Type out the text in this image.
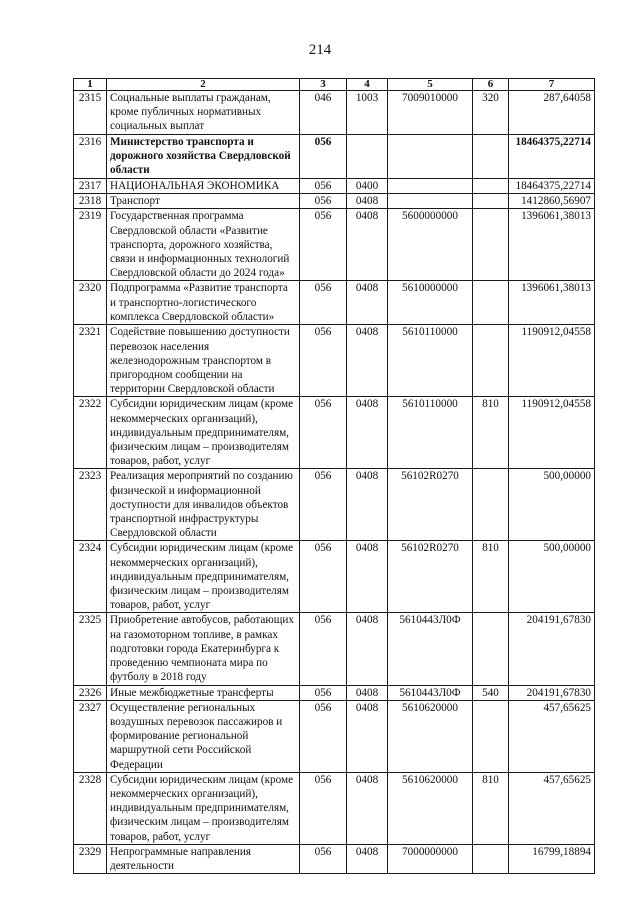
214
1	2	3	4	5	6	7
2315	Социальные выплаты гражданам, кроме публичных нормативных социальных выплат	046	1003	7009010000	320	287,64058
2316	Министерство транспорта и дорожного хозяйства Свердловской области	056				18464375,22714
2317	НАЦИОНАЛЬНАЯ ЭКОНОМИКА	056	0400			18464375,22714
2318	Транспорт	056	0408			1412860,56907
2319	Государственная программа Свердловской области «Развитие транспорта, дорожного хозяйства, связи и информационных технологий Свердловской области до 2024 года»	056	0408	5600000000		1396061,38013
2320	Подпрограмма «Развитие транспорта и транспортно-логистического комплекса Свердловской области»	056	0408	5610000000		1396061,38013
2321	Содействие повышению доступности перевозок населения железнодорожным транспортом в пригородном сообщении на территории Свердловской области	056	0408	5610110000		1190912,04558
2322	Субсидии юридическим лицам (кроме некоммерческих организаций), индивидуальным предпринимателям, физическим лицам – производителям товаров, работ, услуг	056	0408	5610110000	810	1190912,04558
2323	Реализация мероприятий по созданию физической и информационной доступности для инвалидов объектов транспортной инфраструктуры Свердловской области	056	0408	56102R0270		500,00000
2324	Субсидии юридическим лицам (кроме некоммерческих организаций), индивидуальным предпринимателям, физическим лицам – производителям товаров, работ, услуг	056	0408	56102R0270	810	500,00000
2325	Приобретение автобусов, работающих на газомоторном топливе, в рамках подготовки города Екатеринбурга к проведению чемпионата мира по футболу в 2018 году	056	0408	5610443Л0Ф		204191,67830
2326	Иные межбюджетные трансферты	056	0408	5610443Л0Ф	540	204191,67830
2327	Осуществление региональных воздушных перевозок пассажиров и формирование региональной маршрутной сети Российской Федерации	056	0408	5610620000		457,65625
2328	Субсидии юридическим лицам (кроме некоммерческих организаций), индивидуальным предпринимателям, физическим лицам – производителям товаров, работ, услуг	056	0408	5610620000	810	457,65625
2329	Непрограммные направления деятельности	056	0408	7000000000		16799,18894
